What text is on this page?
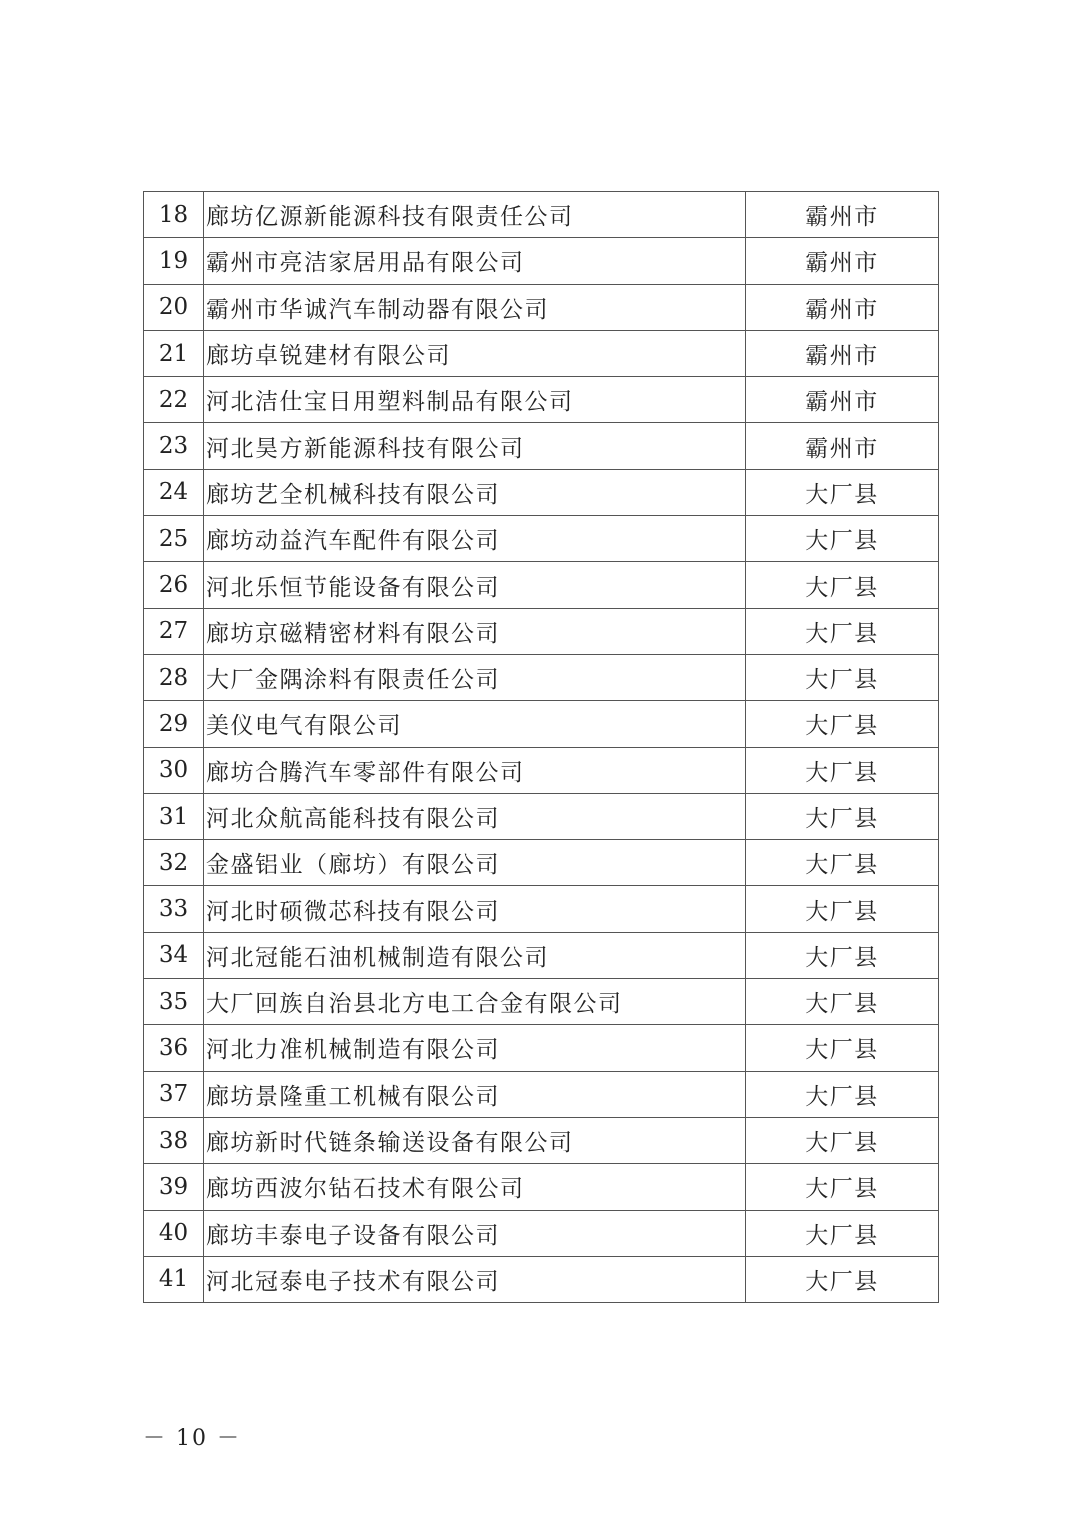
18	廊坊亿源新能源科技有限责任公司	霸州市
19	霸州市亮洁家居用品有限公司	霸州市
20	霸州市华诚汽车制动器有限公司	霸州市
21	廊坊卓锐建材有限公司	霸州市
22	河北洁仕宝日用塑料制品有限公司	霸州市
23	河北昊方新能源科技有限公司	霸州市
24	廊坊艺全机械科技有限公司	大厂县
25	廊坊动益汽车配件有限公司	大厂县
26	河北乐恒节能设备有限公司	大厂县
27	廊坊京磁精密材料有限公司	大厂县
28	大厂金隅涂料有限责任公司	大厂县
29	美仪电气有限公司	大厂县
30	廊坊合腾汽车零部件有限公司	大厂县
31	河北众航高能科技有限公司	大厂县
32	金盛铝业（廊坊）有限公司	大厂县
33	河北时硕微芯科技有限公司	大厂县
34	河北冠能石油机械制造有限公司	大厂县
35	大厂回族自治县北方电工合金有限公司	大厂县
36	河北力准机械制造有限公司	大厂县
37	廊坊景隆重工机械有限公司	大厂县
38	廊坊新时代链条输送设备有限公司	大厂县
39	廊坊西波尔钻石技术有限公司	大厂县
40	廊坊丰泰电子设备有限公司	大厂县
41	河北冠泰电子技术有限公司	大厂县
－ 10 －
